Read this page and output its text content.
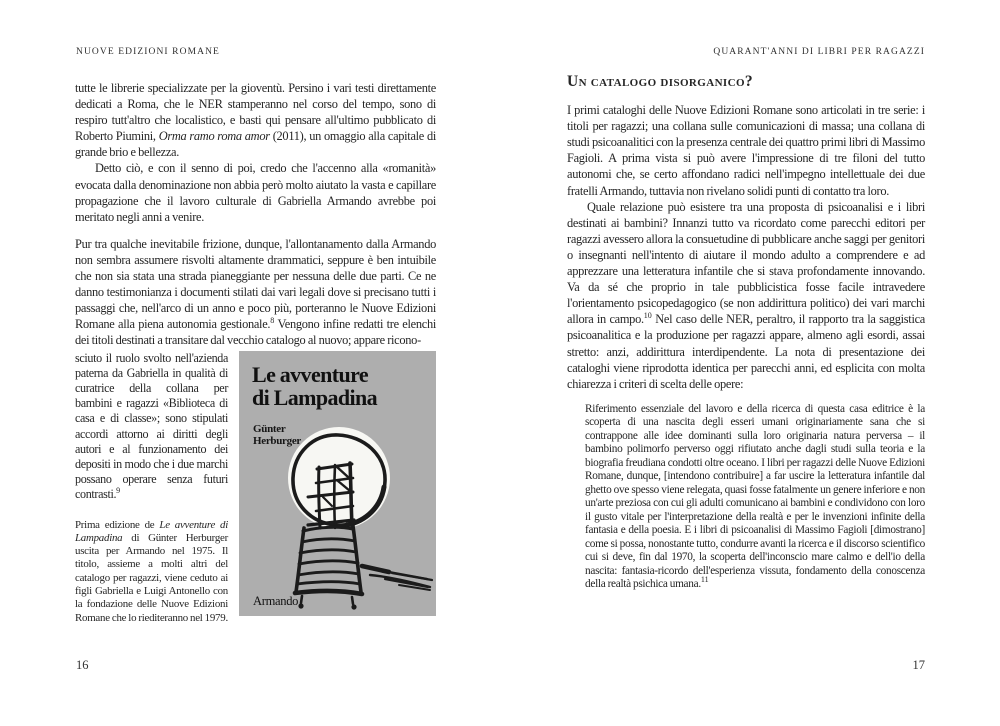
NUOVE EDIZIONI ROMANE	QUARANT'ANNI DI LIBRI PER RAGAZZI

tutte le librerie specializzate per la gioventù. Persino i vari testi direttamente dedicati a Roma, che le NER stamperanno nel corso del tempo, sono di respiro tutt'altro che localistico, e basti qui pensare all'ultimo pubblicato di Roberto Piumini, Orma ramo roma amor (2011), un omaggio alla capitale di grande brio e bellezza.

Detto ciò, e con il senno di poi, credo che l'accenno alla «romanità» evocata dalla denominazione non abbia però molto aiutato la vasta e capillare propagazione che il lavoro culturale di Gabriella Armando avrebbe poi meritato negli anni a venire.

Pur tra qualche inevitabile frizione, dunque, l'allontanamento dalla Armando non sembra assumere risvolti altamente drammatici, seppure è ben intuibile che non sia stata una strada pianeggiante per nessuna delle due parti. Ce ne danno testimonianza i documenti stilati dai vari legali dove si precisano tutti i passaggi che, nell'arco di un anno e poco più, porteranno le Nuove Edizioni Romane alla piena autonomia gestionale.$^8$ Vengono infine redatti tre elenchi dei titoli destinati a transitare dal vecchio catalogo al nuovo; appare ricono-

sciuto il ruolo svolto nell'azienda paterna da Gabriella in qualità di curatrice della collana per bambini e ragazzi «Biblioteca di casa e di classe»; sono stipulati accordi attorno ai diritti degli autori e al funzionamento dei depositi in modo che i due marchi possano operare senza futuri contrasti.$^9$

Prima edizione de Le avventure di Lampadina di Günter Herburger uscita per Armando nel 1975. Il titolo, assieme a molti altri del catalogo per ragazzi, viene ceduto ai figli Gabriella e Luigi Antonello con la fondazione delle Nuove Edizioni Romane che lo riediteranno nel 1979.

Le avventure
di Lampadina
Günter
Herburger
Armando
Un catalogo disorganico?

I primi cataloghi delle Nuove Edizioni Romane sono articolati in tre serie: i titoli per ragazzi; una collana sulle comunicazioni di massa; una collana di studi psicoanalitici con la presenza centrale dei quattro primi libri di Massimo Fagioli. A prima vista si può avere l'impressione di tre filoni del tutto autonomi che, se certo affondano radici nell'impegno intellettuale dei due fratelli Armando, tuttavia non rivelano solidi punti di contatto tra loro.

Quale relazione può esistere tra una proposta di psicoanalisi e i libri destinati ai bambini? Innanzi tutto va ricordato come parecchi editori per ragazzi avessero allora la consuetudine di pubblicare anche saggi per genitori o insegnanti nell'intento di aiutare il mondo adulto a comprendere e ad apprezzare una letteratura infantile che si stava profondamente innovando. Va da sé che proprio in tale pubblicistica fosse facile intravedere l'orientamento psicopedagogico (se non addirittura politico) dei vari marchi allora in campo.$^{10}$ Nel caso delle NER, peraltro, il rapporto tra la saggistica psicoanalitica e la produzione per ragazzi appare, almeno agli esordi, assai stretto: anzi, addirittura interdipendente. La nota di presentazione dei cataloghi viene riprodotta identica per parecchi anni, ed esplicita con molta chiarezza i criteri di scelta delle opere:

Riferimento essenziale del lavoro e della ricerca di questa casa editrice è la scoperta di una nascita degli esseri umani originariamente sana che si contrappone alle idee dominanti sulla loro originaria natura perversa – il bambino polimorfo perverso oggi rifiutato anche dagli studi sulla teoria e la biografia freudiana condotti oltre oceano. I libri per ragazzi delle Nuove Edizioni Romane, dunque, [intendono contribuire] a far uscire la letteratura infantile dal ghetto ove spesso viene relegata, quasi fosse fatalmente un genere inferiore e non un'arte preziosa con cui gli adulti comunicano ai bambini e condividono con loro il gusto vitale per l'interpretazione della realtà e per le invenzioni infinite della fantasia e della poesia. E i libri di psicoanalisi di Massimo Fagioli [dimostrano] come si possa, nonostante tutto, condurre avanti la ricerca e il discorso scientifico cui si deve, fin dal 1970, la scoperta dell'inconscio mare calmo e dell'io della nascita: fantasia-ricordo dell'esperienza vissuta, fondamento della conoscenza della realtà psichica umana.$^{11}$
16	17
